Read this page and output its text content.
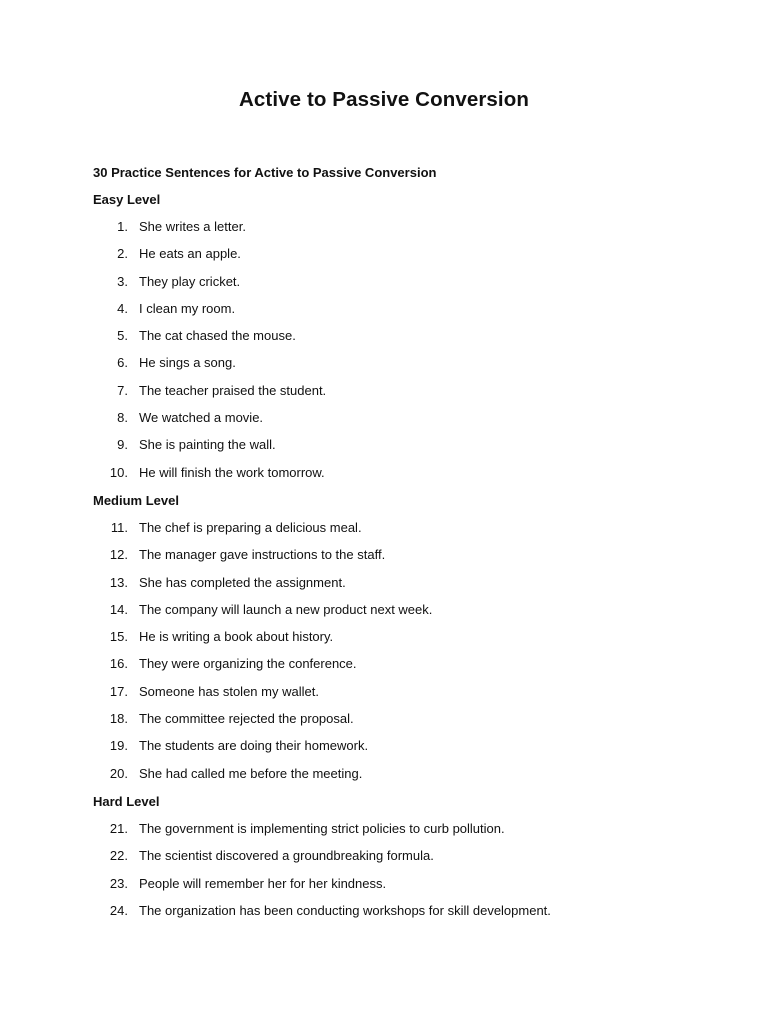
Active to Passive Conversion
30 Practice Sentences for Active to Passive Conversion
Easy Level
1. She writes a letter.
2. He eats an apple.
3. They play cricket.
4. I clean my room.
5. The cat chased the mouse.
6. He sings a song.
7. The teacher praised the student.
8. We watched a movie.
9. She is painting the wall.
10. He will finish the work tomorrow.
Medium Level
11. The chef is preparing a delicious meal.
12. The manager gave instructions to the staff.
13. She has completed the assignment.
14. The company will launch a new product next week.
15. He is writing a book about history.
16. They were organizing the conference.
17. Someone has stolen my wallet.
18. The committee rejected the proposal.
19. The students are doing their homework.
20. She had called me before the meeting.
Hard Level
21. The government is implementing strict policies to curb pollution.
22. The scientist discovered a groundbreaking formula.
23. People will remember her for her kindness.
24. The organization has been conducting workshops for skill development.
